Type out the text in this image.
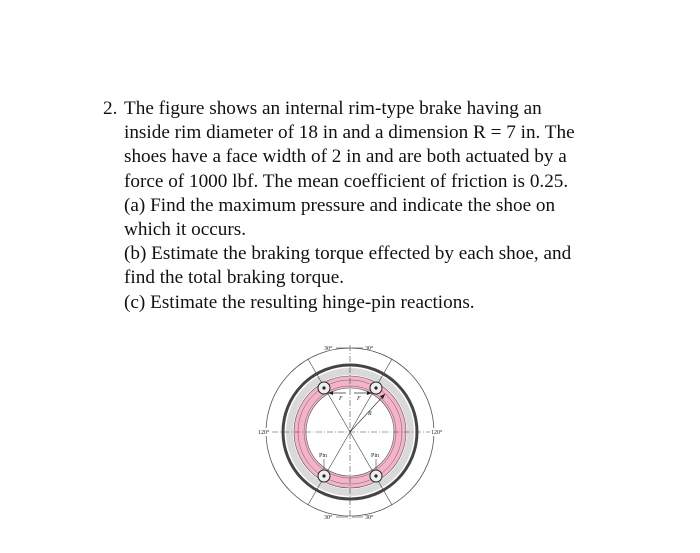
2. The figure shows an internal rim-type brake having an
inside rim diameter of 18 in and a dimension R = 7 in. The
shoes have a face width of 2 in and are both actuated by a
force of 1000 lbf. The mean coefficient of friction is 0.25.
(a) Find the maximum pressure and indicate the shoe on
which it occurs.
(b) Estimate the braking torque effected by each shoe, and
find the total braking torque.
(c) Estimate the resulting hinge-pin reactions.
30°	30°
30°	30°
120°	120°
Pin	Pin
F F
R
